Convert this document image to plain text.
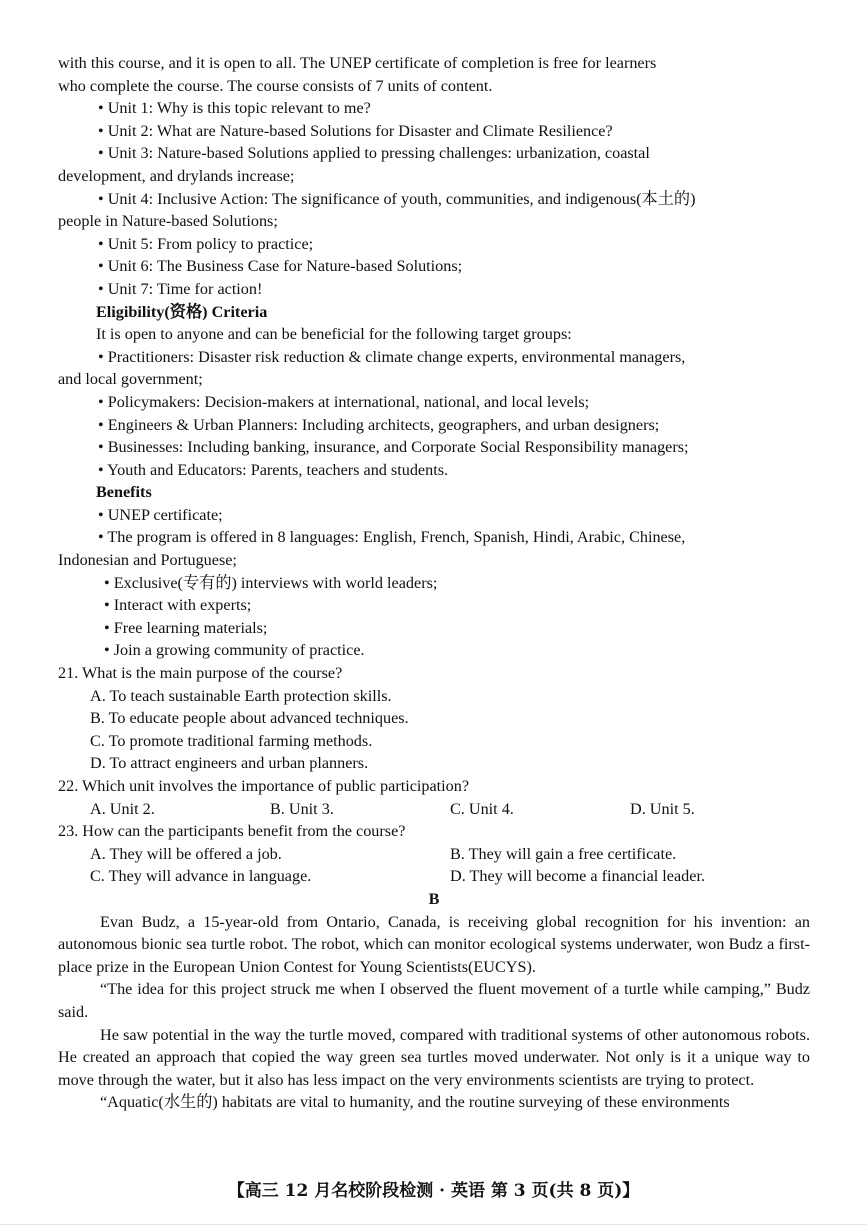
with this course, and it is open to all. The UNEP certificate of completion is free for learners
who complete the course. The course consists of 7 units of content.
• Unit 1: Why is this topic relevant to me?
• Unit 2: What are Nature-based Solutions for Disaster and Climate Resilience?
• Unit 3: Nature-based Solutions applied to pressing challenges: urbanization, coastal
development, and drylands increase;
• Unit 4: Inclusive Action: The significance of youth, communities, and indigenous(本土的)
people in Nature-based Solutions;
• Unit 5: From policy to practice;
• Unit 6: The Business Case for Nature-based Solutions;
• Unit 7: Time for action!
Eligibility(资格) Criteria
It is open to anyone and can be beneficial for the following target groups:
• Practitioners: Disaster risk reduction & climate change experts, environmental managers,
and local government;
• Policymakers: Decision-makers at international, national, and local levels;
• Engineers & Urban Planners: Including architects, geographers, and urban designers;
• Businesses: Including banking, insurance, and Corporate Social Responsibility managers;
• Youth and Educators: Parents, teachers and students.
Benefits
• UNEP certificate;
• The program is offered in 8 languages: English, French, Spanish, Hindi, Arabic, Chinese,
Indonesian and Portuguese;
• Exclusive(专有的) interviews with world leaders;
• Interact with experts;
• Free learning materials;
• Join a growing community of practice.
21. What is the main purpose of the course?
A. To teach sustainable Earth protection skills.
B. To educate people about advanced techniques.
C. To promote traditional farming methods.
D. To attract engineers and urban planners.
22. Which unit involves the importance of public participation?
A. Unit 2.	B. Unit 3.	C. Unit 4.	D. Unit 5.
23. How can the participants benefit from the course?
A. They will be offered a job.	B. They will gain a free certificate.
C. They will advance in language.	D. They will become a financial leader.
B
Evan Budz, a 15-year-old from Ontario, Canada, is receiving global recognition for his invention: an autonomous bionic sea turtle robot. The robot, which can monitor ecological systems underwater, won Budz a first-place prize in the European Union Contest for Young Scientists(EUCYS).
“The idea for this project struck me when I observed the fluent movement of a turtle while camping,” Budz said.
He saw potential in the way the turtle moved, compared with traditional systems of other autonomous robots. He created an approach that copied the way green sea turtles moved underwater. Not only is it a unique way to move through the water, but it also has less impact on the very environments scientists are trying to protect.
“Aquatic(水生的) habitats are vital to humanity, and the routine surveying of these environments
【高三 12 月名校阶段检测 · 英语 第 3 页(共 8 页)】
